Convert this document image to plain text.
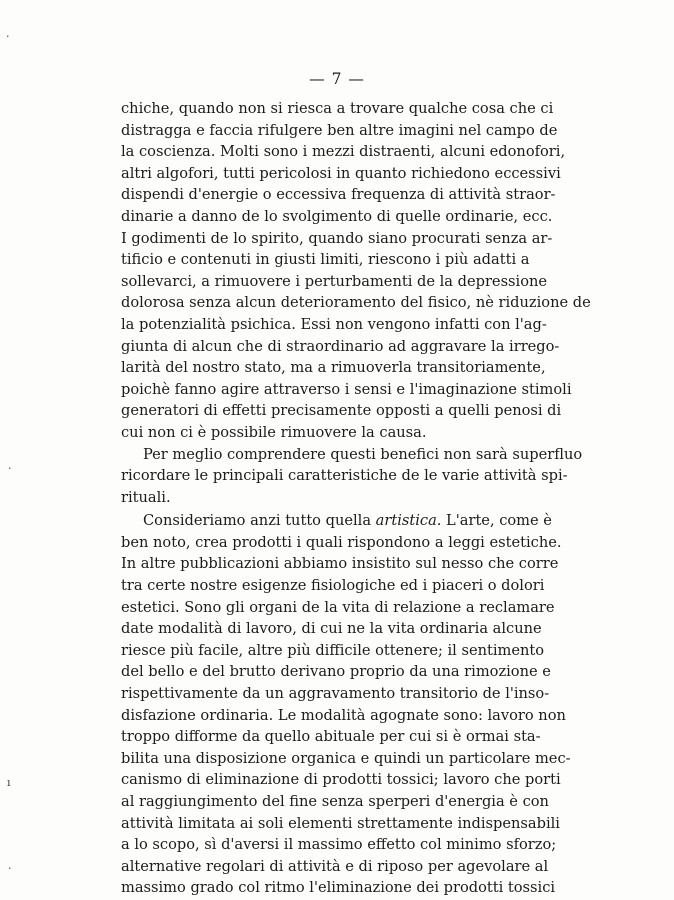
— 7 —
·
·
ı
·
chiche, quando non si riesca a trovare qualche cosa che ci
distragga e faccia rifulgere ben altre imagini nel campo de
la coscienza. Molti sono i mezzi distraenti, alcuni edonofori,
altri algofori, tutti pericolosi in quanto richiedono eccessivi
dispendi d'energie o eccessiva frequenza di attività straor-
dinarie a danno de lo svolgimento di quelle ordinarie, ecc.
I godimenti de lo spirito, quando siano procurati senza ar-
tificio e contenuti in giusti limiti, riescono i più adatti a
sollevarci, a rimuovere i perturbamenti de la depressione
dolorosa senza alcun deterioramento del fisico, nè riduzione de
la potenzialità psichica. Essi non vengono infatti con l'ag-
giunta di alcun che di straordinario ad aggravare la irrego-
larità del nostro stato, ma a rimuoverla transitoriamente,
poichè fanno agire attraverso i sensi e l'imaginazione stimoli
generatori di effetti precisamente opposti a quelli penosi di
cui non ci è possibile rimuovere la causa.
Per meglio comprendere questi benefici non sarà superfluo
ricordare le principali caratteristiche de le varie attività spi-
rituali.
Consideriamo anzi tutto quella artistica. L'arte, come è
ben noto, crea prodotti i quali rispondono a leggi estetiche.
In altre pubblicazioni abbiamo insistito sul nesso che corre
tra certe nostre esigenze fisiologiche ed i piaceri o dolori
estetici. Sono gli organi de la vita di relazione a reclamare
date modalità di lavoro, di cui ne la vita ordinaria alcune
riesce più facile, altre più difficile ottenere; il sentimento
del bello e del brutto derivano proprio da una rimozione e
rispettivamente da un aggravamento transitorio de l'inso-
disfazione ordinaria. Le modalità agognate sono: lavoro non
troppo difforme da quello abituale per cui si è ormai sta-
bilita una disposizione organica e quindi un particolare mec-
canismo di eliminazione di prodotti tossici; lavoro che porti
al raggiungimento del fine senza sperperi d'energia è con
attività limitata ai soli elementi strettamente indispensabili
a lo scopo, sì d'aversi il massimo effetto col minimo sforzo;
alternative regolari di attività e di riposo per agevolare al
massimo grado col ritmo l'eliminazione dei prodotti tossici
